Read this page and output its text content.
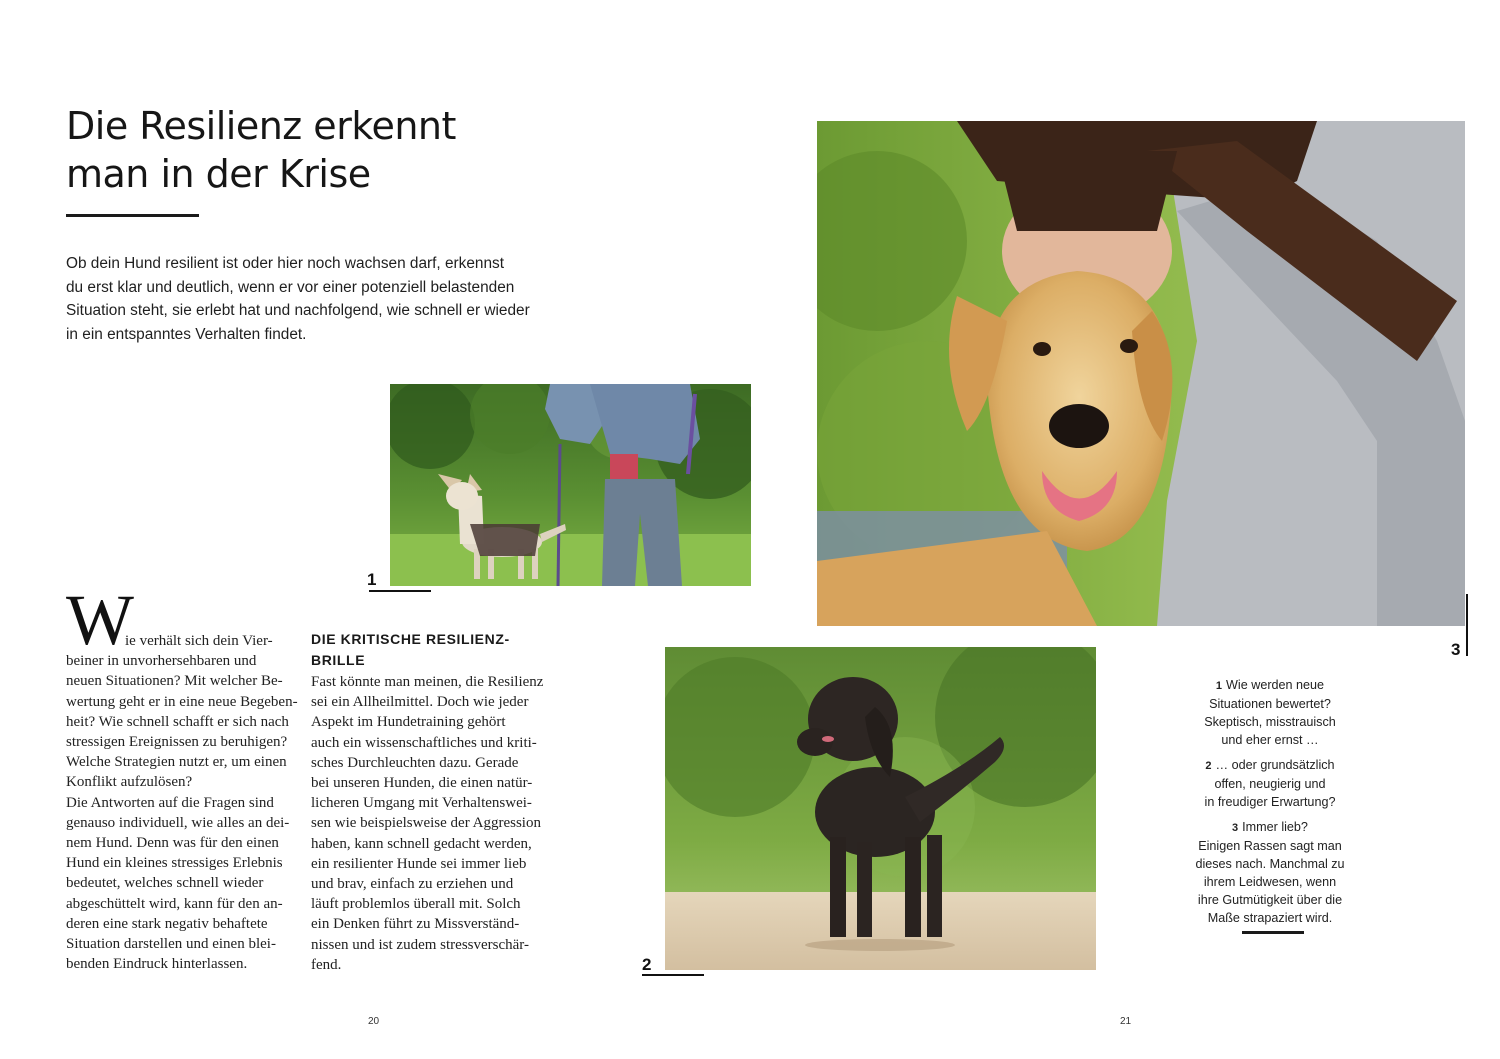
Die Resilienz erkennt
man in der Krise
Ob dein Hund resilient ist oder hier noch wachsen darf, erkennst
du erst klar und deutlich, wenn er vor einer potenziell belastenden
Situation steht, sie erlebt hat und nachfolgend, wie schnell er wieder
in ein entspanntes Verhalten findet.
1
3
2
W
ie verhält sich dein Vier-
beiner in unvorhersehbaren und
neuen Situationen? Mit welcher Be-
wertung geht er in eine neue Begeben-
heit? Wie schnell schafft er sich nach
stressigen Ereignissen zu beruhigen?
Welche Strategien nutzt er, um einen
Konflikt aufzulösen?
Die Antworten auf die Fragen sind
genauso individuell, wie alles an dei-
nem Hund. Denn was für den einen
Hund ein kleines stressiges Erlebnis
bedeutet, welches schnell wieder
abgeschüttelt wird, kann für den an-
deren eine stark negativ behaftete
Situation darstellen und einen blei-
benden Eindruck hinterlassen.
DIE KRITISCHE RESILIENZ-
BRILLE
Fast könnte man meinen, die Resilienz
sei ein Allheilmittel. Doch wie jeder
Aspekt im Hundetraining gehört
auch ein wissenschaftliches und kriti-
sches Durchleuchten dazu. Gerade
bei unseren Hunden, die einen natür-
licheren Umgang mit Verhaltenswei-
sen wie beispielsweise der Aggression
haben, kann schnell gedacht werden,
ein resilienter Hunde sei immer lieb
und brav, einfach zu erziehen und
läuft problemlos überall mit. Solch
ein Denken führt zu Missverständ-
nissen und ist zudem stressverschär-
fend.
1 Wie werden neue
Situationen bewertet?
Skeptisch, misstrauisch
und eher ernst …
2 … oder grundsätzlich
offen, neugierig und
in freudiger Erwartung?
3 Immer lieb?
Einigen Rassen sagt man
dieses nach. Manchmal zu
ihrem Leidwesen, wenn
ihre Gutmütigkeit über die
Maße strapaziert wird.
20	21
